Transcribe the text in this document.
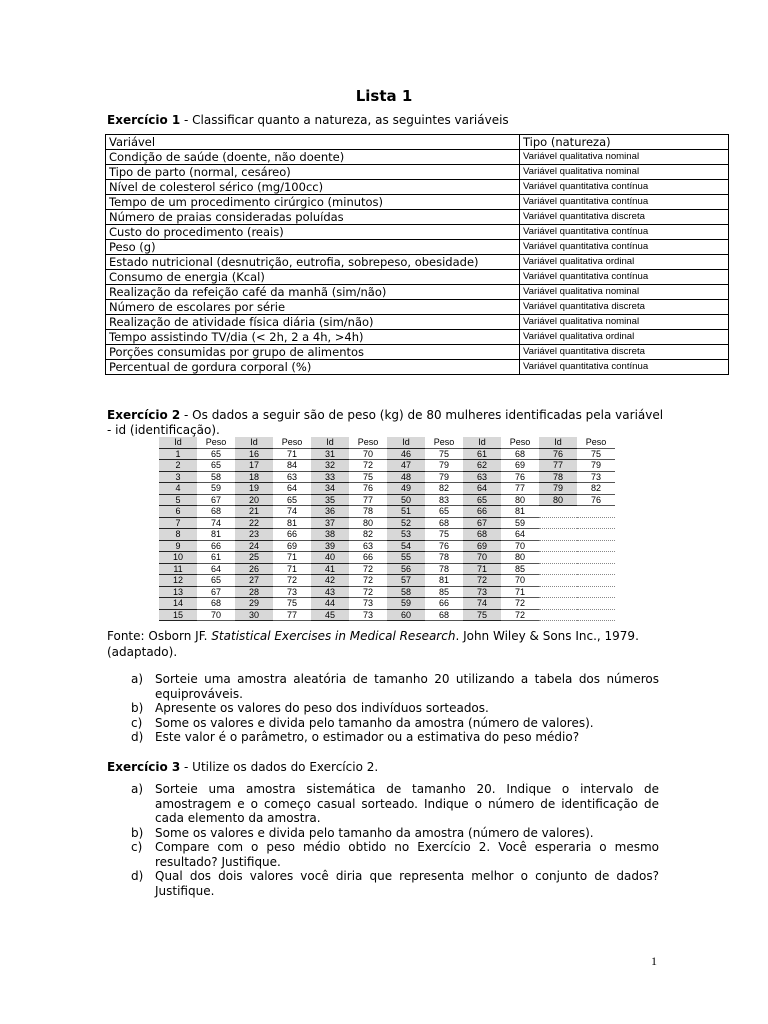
Lista 1
Exercício 1 - Classificar quanto a natureza, as seguintes variáveis
Variável	Tipo (natureza)
Condição de saúde (doente, não doente)	Variável qualitativa nominal
Tipo de parto (normal, cesáreo)	Variável qualitativa nominal
Nível de colesterol sérico (mg/100cc)	Variável quantitativa contínua
Tempo de um procedimento cirúrgico (minutos)	Variável quantitativa contínua
Número de praias consideradas poluídas	Variável quantitativa discreta
Custo do procedimento (reais)	Variável quantitativa contínua
Peso (g)	Variável quantitativa contínua
Estado nutricional (desnutrição, eutrofia, sobrepeso, obesidade)	Variável qualitativa ordinal
Consumo de energia (Kcal)	Variável quantitativa contínua
Realização da refeição café da manhã (sim/não)	Variável qualitativa nominal
Número de escolares por série	Variável quantitativa discreta
Realização de atividade física diária (sim/não)	Variável qualitativa nominal
Tempo assistindo TV/dia (< 2h, 2 a 4h, >4h)	Variável qualitativa ordinal
Porções consumidas por grupo de alimentos	Variável quantitativa discreta
Percentual de gordura corporal (%)	Variável quantitativa contínua
Exercício 2 - Os dados a seguir são de peso (kg) de 80 mulheres identificadas pela variável - id (identificação).
Id	Peso	Id	Peso	Id	Peso	Id	Peso	Id	Peso	Id	Peso
1	65	16	71	31	70	46	75	61	68	76	75
2	65	17	84	32	72	47	79	62	69	77	79
3	58	18	63	33	75	48	79	63	76	78	73
4	59	19	64	34	76	49	82	64	77	79	82
5	67	20	65	35	77	50	83	65	80	80	76
6	68	21	74	36	78	51	65	66	81		
7	74	22	81	37	80	52	68	67	59		
8	81	23	66	38	82	53	75	68	64		
9	66	24	69	39	63	54	76	69	70		
10	61	25	71	40	66	55	78	70	80		
11	64	26	71	41	72	56	78	71	85		
12	65	27	72	42	72	57	81	72	70		
13	67	28	73	43	72	58	85	73	71		
14	68	29	75	44	73	59	66	74	72		
15	70	30	77	45	73	60	68	75	72		
Fonte: Osborn JF. Statistical Exercises in Medical Research. John Wiley & Sons Inc., 1979. (adaptado).
a) Sorteie uma amostra aleatória de tamanho 20 utilizando a tabela dos números equiprováveis.
b) Apresente os valores do peso dos indivíduos sorteados.
c) Some os valores e divida pelo tamanho da amostra (número de valores).
d) Este valor é o parâmetro, o estimador ou a estimativa do peso médio?
Exercício 3 - Utilize os dados do Exercício 2.
a) Sorteie uma amostra sistemática de tamanho 20. Indique o intervalo de amostragem e o começo casual sorteado. Indique o número de identificação de cada elemento da amostra.
b) Some os valores e divida pelo tamanho da amostra (número de valores).
c) Compare com o peso médio obtido no Exercício 2. Você esperaria o mesmo resultado? Justifique.
d) Qual dos dois valores você diria que representa melhor o conjunto de dados? Justifique.
1
